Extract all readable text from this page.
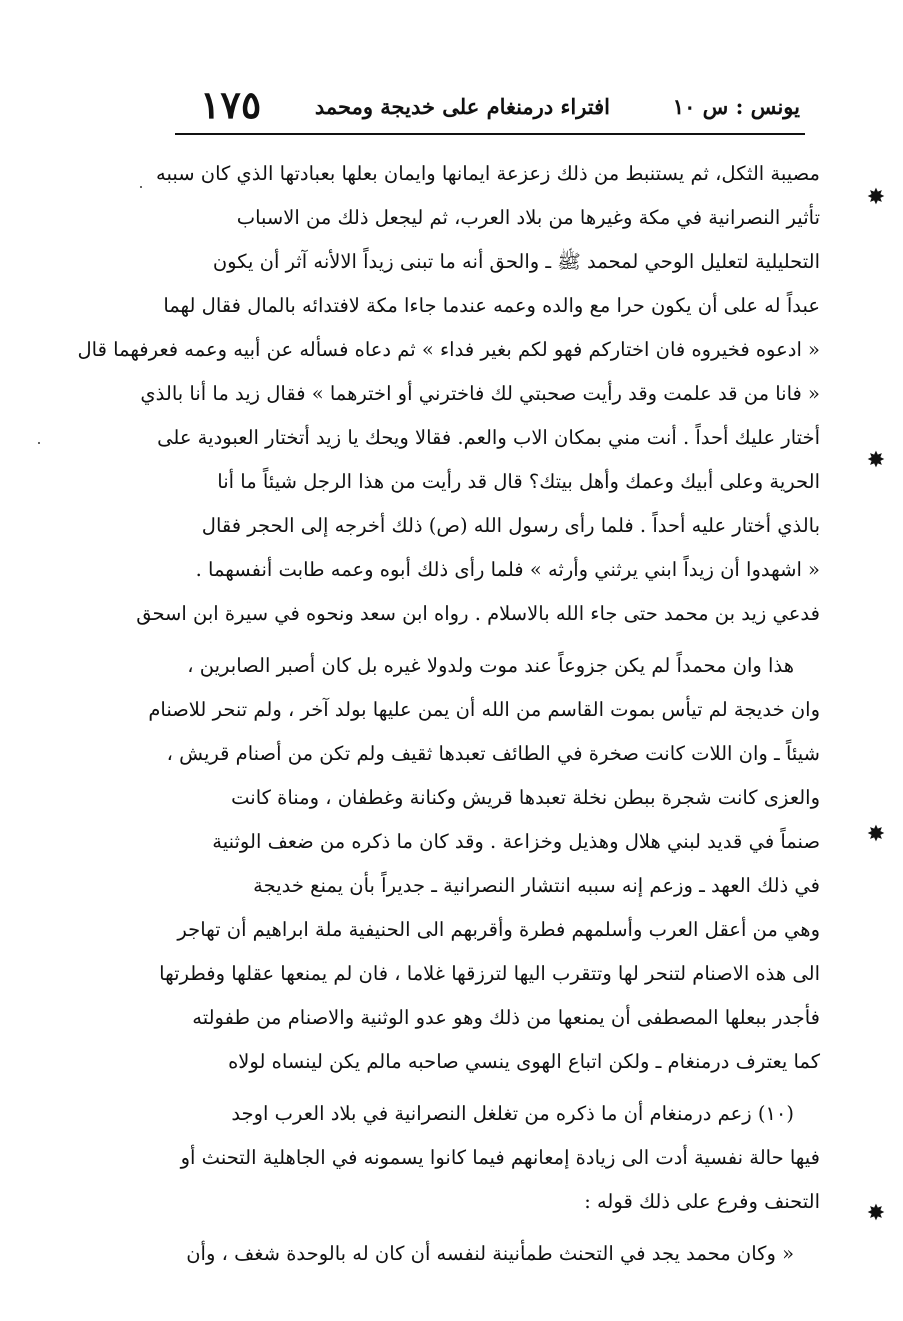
يونس : س ١٠
افتراء درمنغام على خديجة ومحمد
١٧٥
مصيبة الثكل، ثم يستنبط من ذلك زعزعة ايمانها وايمان بعلها بعبادتها الذي كان سببه
تأثير النصرانية في مكة وغيرها من بلاد العرب، ثم ليجعل ذلك من الاسباب
التحليلية لتعليل الوحي لمحمد ﷺ ـ والحق أنه ما تبنى زيداً الالأنه آثر أن يكون
عبداً له على أن يكون حرا مع والده وعمه عندما جاءا مكة لافتدائه بالمال فقال لهما
« ادعوه فخيروه فان اختاركم فهو لكم بغير فداء » ثم دعاه فسأله عن أبيه وعمه فعرفهما قال
« فانا من قد علمت وقد رأيت صحبتي لك فاخترني أو اخترهما » فقال زيد ما أنا بالذي
أختار عليك أحداً . أنت مني بمكان الاب والعم. فقالا ويحك يا زيد أتختار العبودية على
الحرية وعلى أبيك وعمك وأهل بيتك؟ قال قد رأيت من هذا الرجل شيئاً ما أنا
بالذي أختار عليه أحداً . فلما رأى رسول الله (ص) ذلك أخرجه إلى الحجر فقال
« اشهدوا أن زيداً ابني يرثني وأرثه » فلما رأى ذلك أبوه وعمه طابت أنفسهما .
فدعي زيد بن محمد حتى جاء الله بالاسلام . رواه ابن سعد ونحوه في سيرة ابن اسحق
هذا وان محمداً لم يكن جزوعاً عند موت ولدولا غيره بل كان أصبر الصابرين ،
وان خديجة لم تيأس بموت القاسم من الله أن يمن عليها بولد آخر ، ولم تنحر للاصنام
شيئاً ـ وان اللات كانت صخرة في الطائف تعبدها ثقيف ولم تكن من أصنام قريش ،
والعزى كانت شجرة ببطن نخلة تعبدها قريش وكنانة وغطفان ، ومناة كانت
صنماً في قديد لبني هلال وهذيل وخزاعة . وقد كان ما ذكره من ضعف الوثنية
في ذلك العهد ـ وزعم إنه سببه انتشار النصرانية ـ جديراً بأن يمنع خديجة
وهي من أعقل العرب وأسلمهم فطرة وأقربهم الى الحنيفية ملة ابراهيم أن تهاجر
الى هذه الاصنام لتنحر لها وتتقرب اليها لترزقها غلاما ، فان لم يمنعها عقلها وفطرتها
فأجدر ببعلها المصطفى أن يمنعها من ذلك وهو عدو الوثنية والاصنام من طفولته
كما يعترف درمنغام ـ ولكن اتباع الهوى ينسي صاحبه مالم يكن لينساه لولاه
(١٠) زعم درمنغام أن ما ذكره من تغلغل النصرانية في بلاد العرب اوجد
فيها حالة نفسية أدت الى زيادة إمعانهم فيما كانوا يسمونه في الجاهلية التحنث أو
التحنف وفرع على ذلك قوله :
« وكان محمد يجد في التحنث طمأنينة لنفسه أن كان له بالوحدة شغف ، وأن
✸
✸
✸
✸
